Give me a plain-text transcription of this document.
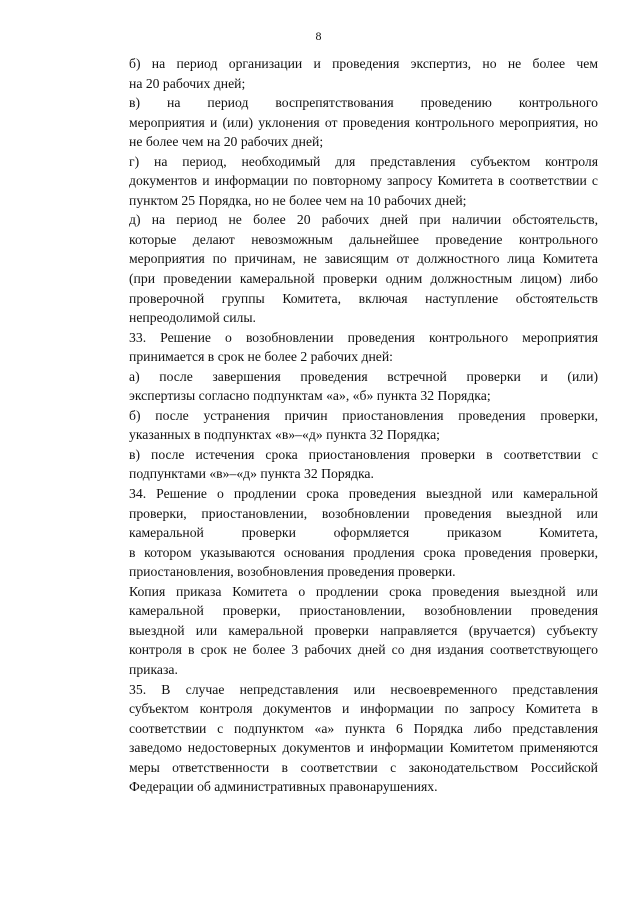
8

б) на период организации и проведения экспертиз, но не более чем
на 20 рабочих дней;

в) на период воспрепятствования проведению контрольного
мероприятия и (или) уклонения от проведения контрольного мероприятия, но
не более чем на 20 рабочих дней;

г) на период, необходимый для представления субъектом контроля
документов и информации по повторному запросу Комитета в соответствии с
пунктом 25 Порядка, но не более чем на 10 рабочих дней;

д) на период не более 20 рабочих дней при наличии обстоятельств,
которые делают невозможным дальнейшее проведение контрольного
мероприятия по причинам, не зависящим от должностного лица Комитета
(при проведении камеральной проверки одним должностным лицом) либо
проверочной группы Комитета, включая наступление обстоятельств
непреодолимой силы.

33. Решение о возобновлении проведения контрольного мероприятия
принимается в срок не более 2 рабочих дней:

а) после завершения проведения встречной проверки и (или)
экспертизы согласно подпунктам «а», «б» пункта 32 Порядка;

б) после устранения причин приостановления проведения проверки,
указанных в подпунктах «в»–«д» пункта 32 Порядка;

в) после истечения срока приостановления проверки в соответствии с
подпунктами «в»–«д» пункта 32 Порядка.

34. Решение о продлении срока проведения выездной или камеральной
проверки, приостановлении, возобновлении проведения выездной или
камеральной проверки оформляется приказом Комитета,
в котором указываются основания продления срока проведения проверки,
приостановления, возобновления проведения проверки.

Копия приказа Комитета о продлении срока проведения выездной или
камеральной проверки, приостановлении, возобновлении проведения
выездной или камеральной проверки направляется (вручается) субъекту
контроля в срок не более 3 рабочих дней со дня издания соответствующего
приказа.

35. В случае непредставления или несвоевременного представления
субъектом контроля документов и информации по запросу Комитета в
соответствии с подпунктом «а» пункта 6 Порядка либо представления
заведомо недостоверных документов и информации Комитетом применяются
меры ответственности в соответствии с законодательством Российской
Федерации об административных правонарушениях.
